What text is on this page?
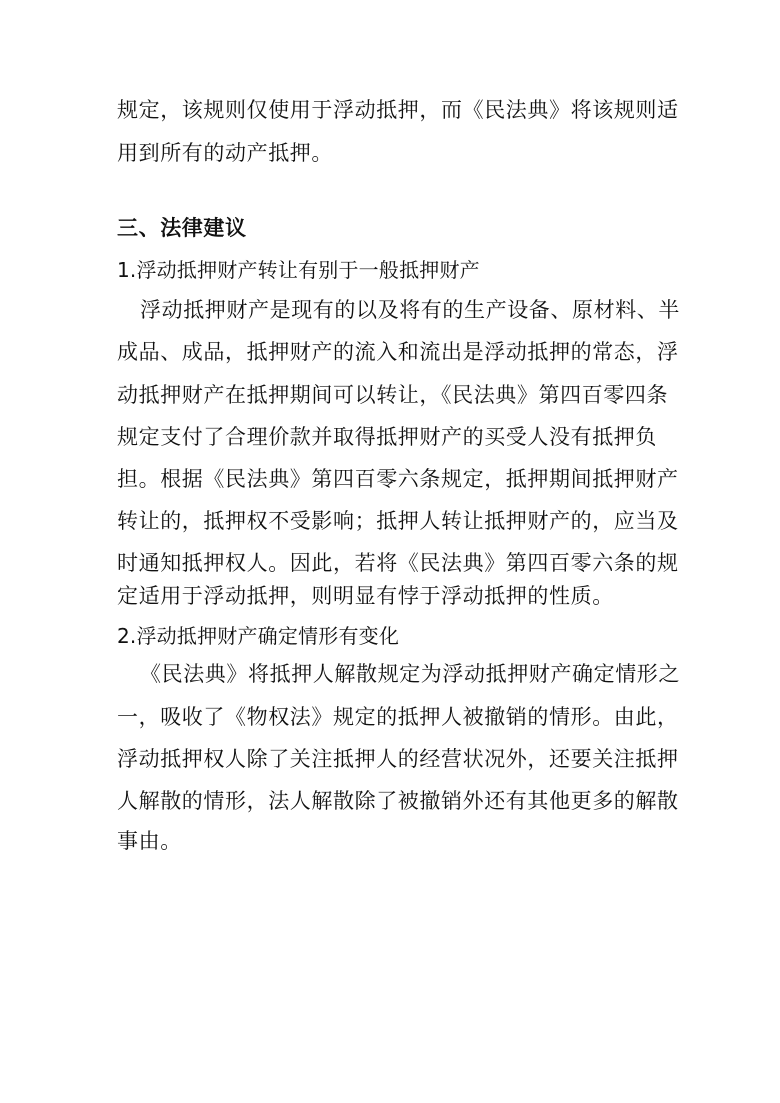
规定，该规则仅使用于浮动抵押，而《民法典》将该规则适
用到所有的动产抵押。
三、法律建议
1.浮动抵押财产转让有别于一般抵押财产
浮动抵押财产是现有的以及将有的生产设备、原材料、半
成品、成品，抵押财产的流入和流出是浮动抵押的常态，浮
动抵押财产在抵押期间可以转让，《民法典》第四百零四条
规定支付了合理价款并取得抵押财产的买受人没有抵押负
担。根据《民法典》第四百零六条规定，抵押期间抵押财产
转让的，抵押权不受影响；抵押人转让抵押财产的，应当及
时通知抵押权人。因此，若将《民法典》第四百零六条的规
定适用于浮动抵押，则明显有悖于浮动抵押的性质。
2.浮动抵押财产确定情形有变化
《民法典》将抵押人解散规定为浮动抵押财产确定情形之
一，吸收了《物权法》规定的抵押人被撤销的情形。由此，
浮动抵押权人除了关注抵押人的经营状况外，还要关注抵押
人解散的情形，法人解散除了被撤销外还有其他更多的解散
事由。
